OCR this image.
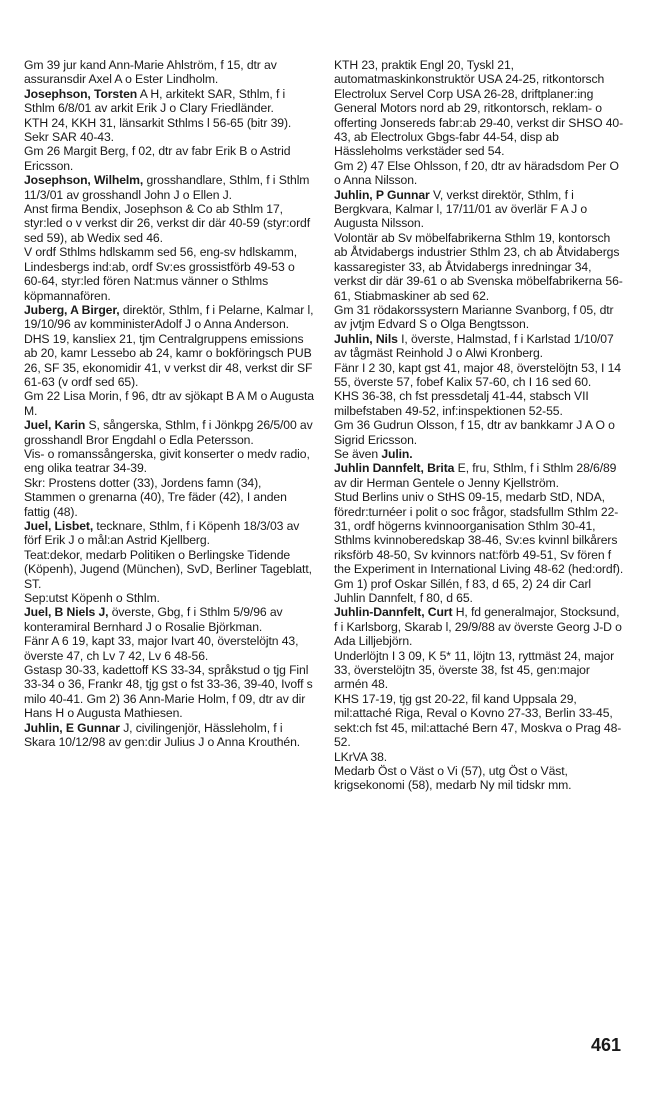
Gm 39 jur kand Ann-Marie Ahlström, f 15, dtr av assuransdir Axel A o Ester Lindholm.

Josephson, Torsten A H, arkitekt SAR, Sthlm, f i Sthlm 6/8/01 av arkit Erik J o Clary Friedländer.

KTH 24, KKH 31, länsarkit Sthlms l 56-65 (bitr 39).

Sekr SAR 40-43.

Gm 26 Margit Berg, f 02, dtr av fabr Erik B o Astrid Ericsson.

Josephson, Wilhelm, grosshandlare, Sthlm, f i Sthlm 11/3/01 av grosshandl John J o Ellen J.

Anst firma Bendix, Josephson & Co ab Sthlm 17, styr:led o v verkst dir 26, verkst dir där 40-59 (styr:ordf sed 59), ab Wedix sed 46.

V ordf Sthlms hdlskamm sed 56, eng-sv hdlskamm, Lindesbergs ind:ab, ordf Sv:es grossistförb 49-53 o 60-64, styr:led fören Nat:mus vänner o Sthlms köpmannafören.

Juberg, A Birger, direktör, Sthlm, f i Pelarne, Kalmar l, 19/10/96 av komministerAdolf J o Anna Anderson.

DHS 19, kansliex 21, tjm Centralgruppens emissions ab 20, kamr Lessebo ab 24, kamr o bokföringsch PUB 26, SF 35, ekonomidir 41, v verkst dir 48, verkst dir SF 61-63 (v ordf sed 65).

Gm 22 Lisa Morin, f 96, dtr av sjökapt B A M o Augusta M.

Juel, Karin S, sångerska, Sthlm, f i Jönkpg 26/5/00 av grosshandl Bror Engdahl o Edla Petersson.

Vis- o romanssångerska, givit konserter o medv radio, eng olika teatrar 34-39.

Skr: Prostens dotter (33), Jordens famn (34), Stammen o grenarna (40), Tre fäder (42), I anden fattig (48).

Juel, Lisbet, tecknare, Sthlm, f i Köpenh 18/3/03 av förf Erik J o mål:an Astrid Kjellberg.

Teat:dekor, medarb Politiken o Berlingske Tidende (Köpenh), Jugend (München), SvD, Berliner Tageblatt, ST.

Sep:utst Köpenh o Sthlm.

Juel, B Niels J, överste, Gbg, f i Sthlm 5/9/96 av konteramiral Bernhard J o Rosalie Björkman.

Fänr A 6 19, kapt 33, major Ivart 40, överstelöjtn 43, överste 47, ch Lv 7 42, Lv 6 48-56.

Gstasp 30-33, kadettoff KS 33-34, språkstud o tjg Finl 33-34 o 36, Frankr 48, tjg gst o fst 33-36, 39-40, Ivoff s milo 40-41. Gm 2) 36 Ann-Marie Holm, f 09, dtr av dir Hans H o Augusta Mathiesen.

Juhlin, E Gunnar J, civilingenjör, Hässleholm, f i Skara 10/12/98 av gen:dir Julius J o Anna Krouthén.

KTH 23, praktik Engl 20, Tyskl 21, automatmaskinkonstruktör USA 24-25, ritkontorsch Electrolux Servel Corp USA 26-28, driftplaner:ing General Motors nord ab 29, ritkontorsch, reklam- o offerting Jonsereds fabr:ab 29-40, verkst dir SHSO 40-43, ab Electrolux Gbgs-fabr 44-54, disp ab Hässleholms verkstäder sed 54.

Gm 2) 47 Else Ohlsson, f 20, dtr av häradsdom Per O o Anna Nilsson.

Juhlin, P Gunnar V, verkst direktör, Sthlm, f i Bergkvara, Kalmar l, 17/11/01 av överlär F A J o Augusta Nilsson.

Volontär ab Sv möbelfabrikerna Sthlm 19, kontorsch ab Åtvidabergs industrier Sthlm 23, ch ab Åtvidabergs kassaregister 33, ab Åtvidabergs inredningar 34, verkst dir där 39-61 o ab Svenska möbelfabrikerna 56-61, Stiabmaskiner ab sed 62.

Gm 31 rödakorssystern Marianne Svanborg, f 05, dtr av jvtjm Edvard S o Olga Bengtsson.

Juhlin, Nils I, överste, Halmstad, f i Karlstad 1/10/07 av tågmäst Reinhold J o Alwi Kronberg.

Fänr I 2 30, kapt gst 41, major 48, överstelöjtn 53, I 14 55, överste 57, fobef Kalix 57-60, ch I 16 sed 60.

KHS 36-38, ch fst pressdetalj 41-44, stabsch VII milbefstaben 49-52, inf:inspektionen 52-55.

Gm 36 Gudrun Olsson, f 15, dtr av bankkamr J A O o Sigrid Ericsson.

Se även Julin.

Juhlin Dannfelt, Brita E, fru, Sthlm, f i Sthlm 28/6/89 av dir Herman Gentele o Jenny Kjellström.

Stud Berlins univ o StHS 09-15, medarb StD, NDA, föredr:turnéer i polit o soc frågor, stadsfullm Sthlm 22-31, ordf högerns kvinnoorganisation Sthlm 30-41, Sthlms kvinnoberedskap 38-46, Sv:es kvinnl bilkårers riksförb 48-50, Sv kvinnors nat:förb 49-51, Sv fören f the Experiment in International Living 48-62 (hed:ordf).

Gm 1) prof Oskar Sillén, f 83, d 65, 2) 24 dir Carl Juhlin Dannfelt, f 80, d 65.

Juhlin-Dannfelt, Curt H, fd generalmajor, Stocksund, f i Karlsborg, Skarab l, 29/9/88 av överste Georg J-D o Ada Lilljebjörn.

Underlöjtn I 3 09, K 5* 11, löjtn 13, ryttmäst 24, major 33, överstelöjtn 35, överste 38, fst 45, gen:major armén 48.

KHS 17-19, tjg gst 20-22, fil kand Uppsala 29, mil:attaché Riga, Reval o Kovno 27-33, Berlin 33-45, sekt:ch fst 45, mil:attaché Bern 47, Moskva o Prag 48-52.

LKrVA 38.

Medarb Öst o Väst o Vi (57), utg Öst o Väst, krigsekonomi (58), medarb Ny mil tidskr mm.

461
